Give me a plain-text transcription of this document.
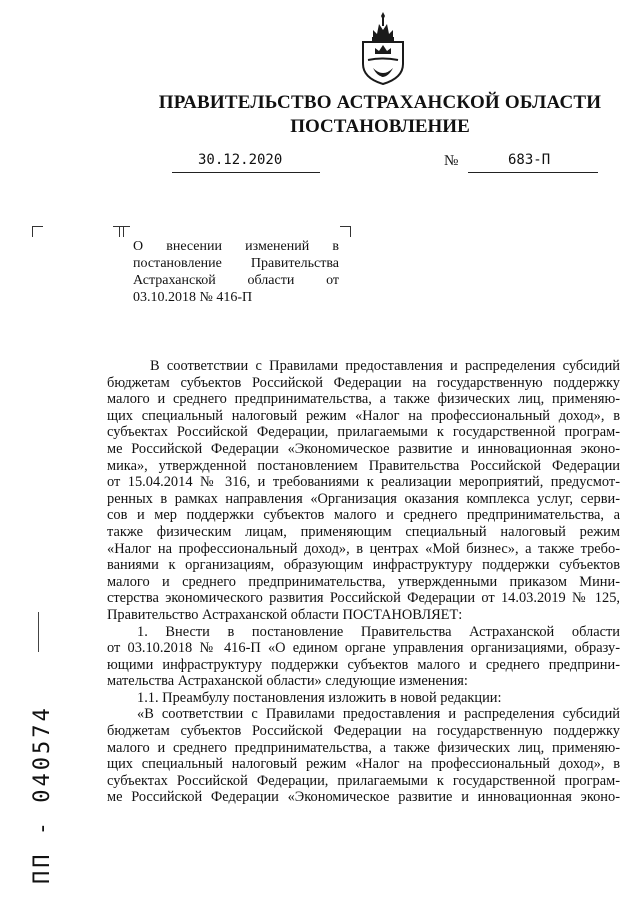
ПРАВИТЕЛЬСТВО АСТРАХАНСКОЙ ОБЛАСТИ
ПОСТАНОВЛЕНИЕ
30.12.2020	№	683-П
О внесении изменений в постановление Правительства Астраханской области от 03.10.2018 № 416-П
В соответствии с Правилами предоставления и распределения субсидий
бюджетам субъектов Российской Федерации на государственную поддержку
малого и среднего предпринимательства, а также физических лиц, применяю-
щих специальный налоговый режим «Налог на профессиональный доход», в
субъектах Российской Федерации, прилагаемыми к государственной програм-
ме Российской Федерации «Экономическое развитие и инновационная эконо-
мика», утвержденной постановлением Правительства Российской Федерации
от 15.04.2014 № 316, и требованиями к реализации мероприятий, предусмот-
ренных в рамках направления «Организация оказания комплекса услуг, серви-
сов и мер поддержки субъектов малого и среднего предпринимательства, а
также физическим лицам, применяющим специальный налоговый режим
«Налог на профессиональный доход», в центрах «Мой бизнес», а также требо-
ваниями к организациям, образующим инфраструктуру поддержки субъектов
малого и среднего предпринимательства, утвержденными приказом Мини-
стерства экономического развития Российской Федерации от 14.03.2019 № 125,
Правительство Астраханской области ПОСТАНОВЛЯЕТ:
1. Внести в постановление Правительства Астраханской области
от 03.10.2018 № 416-П «О едином органе управления организациями, образу-
ющими инфраструктуру поддержки субъектов малого и среднего предприни-
мательства Астраханской области» следующие изменения:
1.1. Преамбулу постановления изложить в новой редакции:
«В соответствии с Правилами предоставления и распределения субсидий
бюджетам субъектов Российской Федерации на государственную поддержку
малого и среднего предпринимательства, а также физических лиц, применяю-
щих специальный налоговый режим «Налог на профессиональный доход», в
субъектах Российской Федерации, прилагаемыми к государственной програм-
ме Российской Федерации «Экономическое развитие и инновационная эконо-
ПП - 040574
